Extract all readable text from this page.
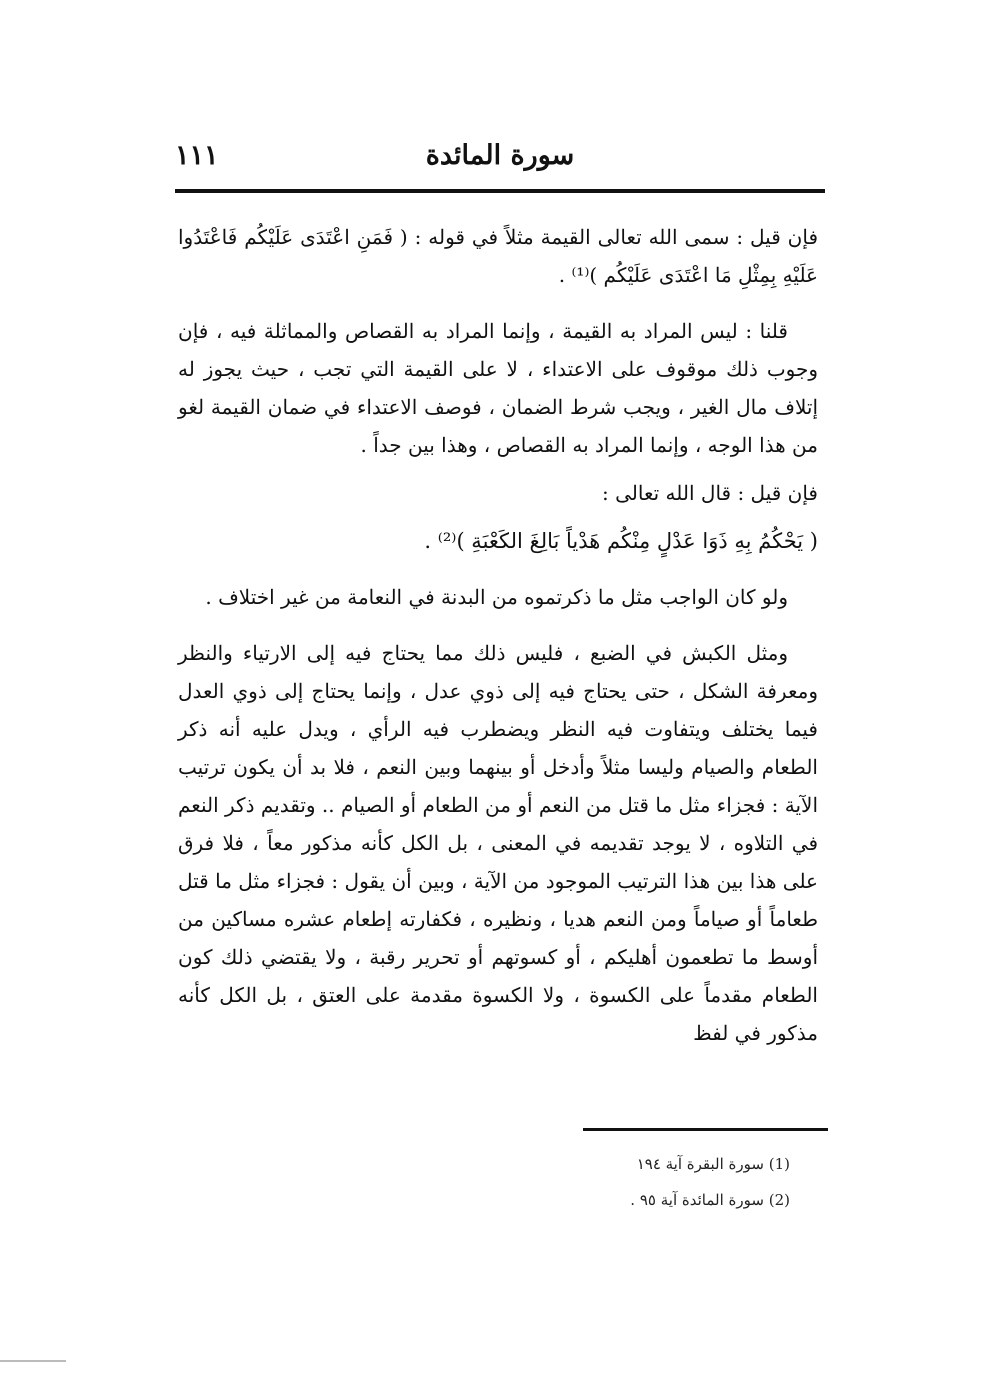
سورة المائدة
١١١

فإن قيل : سمى الله تعالى القيمة مثلاً في قوله : ( فَمَنِ اعْتَدَى عَلَيْكُم فَاعْتَدُوا عَلَيْهِ بِمِثْلِ مَا اعْتَدَى عَلَيْكُم )⁽¹⁾ .

قلنا : ليس المراد به القيمة ، وإنما المراد به القصاص والمماثلة فيه ، فإن وجوب ذلك موقوف على الاعتداء ، لا على القيمة التي تجب ، حيث يجوز له إتلاف مال الغير ، ويجب شرط الضمان ، فوصف الاعتداء في ضمان القيمة لغو من هذا الوجه ، وإنما المراد به القصاص ، وهذا بين جداً .

فإن قيل : قال الله تعالى :

( يَحْكُمُ بِهِ ذَوَا عَدْلٍ مِنْكُم هَدْياً بَالِغَ الكَعْبَةِ )⁽²⁾ .

ولو كان الواجب مثل ما ذكرتموه من البدنة في النعامة من غير اختلاف .

ومثل الكبش في الضبع ، فليس ذلك مما يحتاج فيه إلى الارتياء والنظر ومعرفة الشكل ، حتى يحتاج فيه إلى ذوي عدل ، وإنما يحتاج إلى ذوي العدل فيما يختلف ويتفاوت فيه النظر ويضطرب فيه الرأي ، ويدل عليه أنه ذكر الطعام والصيام وليسا مثلاً وأدخل أو بينهما وبين النعم ، فلا بد أن يكون ترتيب الآية : فجزاء مثل ما قتل من النعم أو من الطعام أو الصيام .. وتقديم ذكر النعم في التلاوه ، لا يوجد تقديمه في المعنى ، بل الكل كأنه مذكور معاً ، فلا فرق على هذا بين هذا الترتيب الموجود من الآية ، وبين أن يقول : فجزاء مثل ما قتل طعاماً أو صياماً ومن النعم هديا ، ونظيره ، فكفارته إطعام عشره مساكين من أوسط ما تطعمون أهليكم ، أو كسوتهم أو تحرير رقبة ، ولا يقتضي ذلك كون الطعام مقدماً على الكسوة ، ولا الكسوة مقدمة على العتق ، بل الكل كأنه مذكور في لفظ

(1) سورة البقرة آية ١٩٤
(2) سورة المائدة آية ٩٥ .
